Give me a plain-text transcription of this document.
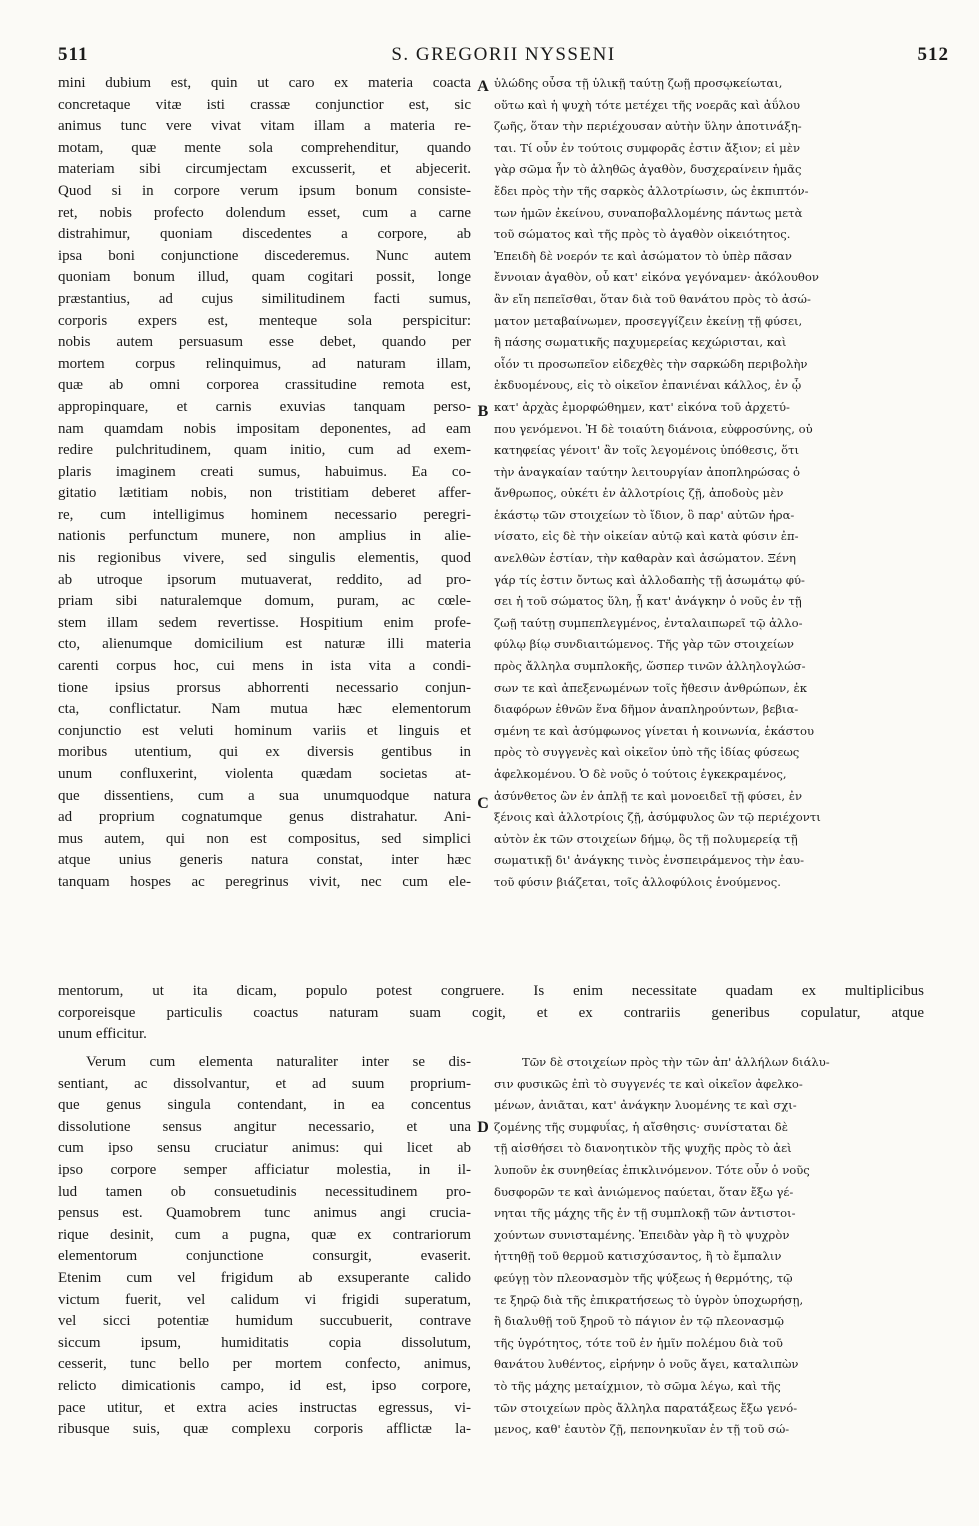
511	S. GREGORII NYSSENI	512
mini dubium est, quin ut caro ex materia coacta
concretaque vitæ isti crassæ conjunctior est, sic
animus tunc vere vivat vitam illam a materia re-
motam, quæ mente sola comprehenditur, quando
materiam sibi circumjectam excusserit, et abjecerit.
Quod si in corpore verum ipsum bonum consiste-
ret, nobis profecto dolendum esset, cum a carne
distrahimur, quoniam discedentes a corpore, ab
ipsa boni conjunctione discederemus. Nunc autem
quoniam bonum illud, quam cogitari possit, longe
præstantius, ad cujus similitudinem facti sumus,
corporis expers est, menteque sola perspicitur:
nobis autem persuasum esse debet, quando per
mortem corpus relinquimus, ad naturam illam,
quæ ab omni corporea crassitudine remota est,
appropinquare, et carnis exuvias tanquam perso-
nam quamdam nobis impositam deponentes, ad eam
redire pulchritudinem, quam initio, cum ad exem-
plaris imaginem creati sumus, habuimus. Ea co-
gitatio lætitiam nobis, non tristitiam deberet affer-
re, cum intelligimus hominem necessario peregri-
nationis perfunctum munere, non amplius in alie-
nis regionibus vivere, sed singulis elementis, quod
ab utroque ipsorum mutuaverat, reddito, ad pro-
priam sibi naturalemque domum, puram, ac cœle-
stem illam sedem revertisse. Hospitium enim profe-
cto, alienumque domicilium est naturæ illi materia
carenti corpus hoc, cui mens in ista vita a condi-
tione ipsius prorsus abhorrenti necessario conjun-
cta, conflictatur. Nam mutua hæc elementorum
conjunctio est veluti hominum variis et linguis et
moribus utentium, qui ex diversis gentibus in
unum confluxerint, violenta quædam societas at-
que dissentiens, cum a sua unumquodque natura
ad proprium cognatumque genus distrahatur. Ani-
mus autem, qui non est compositus, sed simplici
atque unius generis natura constat, inter hæc
tanquam hospes ac peregrinus vivit, nec cum ele-
ὑλώδης οὖσα τῇ ὑλικῇ ταύτῃ ζωῇ προσῳκείωται,
οὕτω καὶ ἡ ψυχὴ τότε μετέχει τῆς νοερᾶς καὶ ἀΰλου
ζωῆς, ὅταν τὴν περιέχουσαν αὐτὴν ὕλην ἀποτινάξη-
ται. Τί οὖν ἐν τούτοις συμφορᾶς ἐστιν ἄξιον; εἰ μὲν
γὰρ σῶμα ἦν τὸ ἀληθῶς ἀγαθὸν, δυσχεραίνειν ἡμᾶς
ἔδει πρὸς τὴν τῆς σαρκὸς ἀλλοτρίωσιν, ὡς ἐκπιπτόν-
των ἡμῶν ἐκείνου, συναποβαλλομένης πάντως μετὰ
τοῦ σώματος καὶ τῆς πρὸς τὸ ἀγαθὸν οἰκειότητος.
Ἐπειδὴ δὲ νοερόν τε καὶ ἀσώματον τὸ ὑπὲρ πᾶσαν
ἔννοιαν ἀγαθὸν, οὗ κατ' εἰκόνα γεγόναμεν· ἀκόλουθον
ἂν εἴη πεπεῖσθαι, ὅταν διὰ τοῦ θανάτου πρὸς τὸ ἀσώ-
ματον μεταβαίνωμεν, προσεγγίζειν ἐκείνῃ τῇ φύσει,
ἣ πάσης σωματικῆς παχυμερείας κεχώρισται, καὶ
οἷόν τι προσωπεῖον εἰδεχθὲς τὴν σαρκώδη περιβολὴν
ἐκδυομένους, εἰς τὸ οἰκεῖον ἐπανιέναι κάλλος, ἐν ᾧ
κατ' ἀρχὰς ἐμορφώθημεν, κατ' εἰκόνα τοῦ ἀρχετύ-
που γενόμενοι. Ἡ δὲ τοιαύτη διάνοια, εὐφροσύνης, οὐ
κατηφείας γένοιτ' ἂν τοῖς λεγομένοις ὑπόθεσις, ὅτι
τὴν ἀναγκαίαν ταύτην λειτουργίαν ἀποπληρώσας ὁ
ἄνθρωπος, οὐκέτι ἐν ἀλλοτρίοις ζῇ, ἀποδοὺς μὲν
ἑκάστῳ τῶν στοιχείων τὸ ἴδιον, ὃ παρ' αὐτῶν ἠρα-
νίσατο, εἰς δὲ τὴν οἰκείαν αὐτῷ καὶ κατὰ φύσιν ἐπ-
ανελθὼν ἑστίαν, τὴν καθαρὰν καὶ ἀσώματον. Ξένη
γάρ τίς ἐστιν ὄντως καὶ ἀλλοδαπὴς τῇ ἀσωμάτῳ φύ-
σει ἡ τοῦ σώματος ὕλη, ᾗ κατ' ἀνάγκην ὁ νοῦς ἐν τῇ
ζωῇ ταύτῃ συμπεπλεγμένος, ἐνταλαιπωρεῖ τῷ ἀλλο-
φύλῳ βίῳ συνδιαιτώμενος. Τῆς γὰρ τῶν στοιχείων
πρὸς ἄλληλα συμπλοκῆς, ὥσπερ τινῶν ἀλληλογλώσ-
σων τε καὶ ἀπεξενωμένων τοῖς ἤθεσιν ἀνθρώπων, ἐκ
διαφόρων ἐθνῶν ἕνα δῆμον ἀναπληρούντων, βεβια-
σμένη τε καὶ ἀσύμφωνος γίνεται ἡ κοινωνία, ἑκάστου
πρὸς τὸ συγγενὲς καὶ οἰκεῖον ὑπὸ τῆς ἰδίας φύσεως
ἀφελκομένου. Ὁ δὲ νοῦς ὁ τούτοις ἐγκεκραμένος,
ἀσύνθετος ὢν ἐν ἁπλῇ τε καὶ μονοειδεῖ τῇ φύσει, ἐν
ξένοις καὶ ἀλλοτρίοις ζῇ, ἀσύμφυλος ὢν τῷ περιέχοντι
αὐτὸν ἐκ τῶν στοιχείων δήμῳ, ὃς τῇ πολυμερείᾳ τῇ
σωματικῇ δι' ἀνάγκης τινὸς ἐνσπειράμενος τὴν ἑαυ-
τοῦ φύσιν βιάζεται, τοῖς ἀλλοφύλοις ἑνούμενος.
mentorum, ut ita dicam, populo potest congruere. Is enim necessitate quadam ex multiplicibus
corporeisque particulis coactus naturam suam cogit, et ex contrariis generibus copulatur, atque
unum efficitur.
Verum cum elementa naturaliter inter se dis-
sentiant, ac dissolvantur, et ad suum proprium-
que genus singula contendant, in ea concentus
dissolutione sensus angitur necessario, et una
cum ipso sensu cruciatur animus: qui licet ab
ipso corpore semper afficiatur molestia, in il-
lud tamen ob consuetudinis necessitudinem pro-
pensus est. Quamobrem tunc animus angi crucia-
rique desinit, cum a pugna, quæ ex contrariorum
elementorum conjunctione consurgit, evaserit.
Etenim cum vel frigidum ab exsuperante calido
victum fuerit, vel calidum vi frigidi superatum,
vel sicci potentiæ humidum succubuerit, contrave
siccum ipsum, humiditatis copia dissolutum,
cesserit, tunc bello per mortem confecto, animus,
relicto dimicationis campo, id est, ipso corpore,
pace utitur, et extra acies instructas egressus, vi-
ribusque suis, quæ complexu corporis afflictæ la-
Τῶν δὲ στοιχείων πρὸς τὴν τῶν ἀπ' ἀλλήλων διάλυ-
σιν φυσικῶς ἐπὶ τὸ συγγενές τε καὶ οἰκεῖον ἀφελκο-
μένων, ἀνιᾶται, κατ' ἀνάγκην λυομένης τε καὶ σχι-
ζομένης τῆς συμφυΐας, ἡ αἴσθησις· συνίσταται δὲ
τῇ αἰσθήσει τὸ διανοητικὸν τῆς ψυχῆς πρὸς τὸ ἀεὶ
λυποῦν ἐκ συνηθείας ἐπικλινόμενον. Τότε οὖν ὁ νοῦς
δυσφορῶν τε καὶ ἀνιώμενος παύεται, ὅταν ἔξω γέ-
νηται τῆς μάχης τῆς ἐν τῇ συμπλοκῇ τῶν ἀντιστοι-
χούντων συνισταμένης. Ἐπειδὰν γὰρ ἢ τὸ ψυχρὸν
ἡττηθῇ τοῦ θερμοῦ κατισχύσαντος, ἢ τὸ ἔμπαλιν
φεύγῃ τὸν πλεονασμὸν τῆς ψύξεως ἡ θερμότης, τῷ
τε ξηρῷ διὰ τῆς ἐπικρατήσεως τὸ ὑγρὸν ὑποχωρήσῃ,
ἢ διαλυθῇ τοῦ ξηροῦ τὸ πάγιον ἐν τῷ πλεονασμῷ
τῆς ὑγρότητος, τότε τοῦ ἐν ἡμῖν πολέμου διὰ τοῦ
θανάτου λυθέντος, εἰρήνην ὁ νοῦς ἄγει, καταλιπὼν
τὸ τῆς μάχης μεταίχμιον, τὸ σῶμα λέγω, καὶ τῆς
τῶν στοιχείων πρὸς ἄλληλα παρατάξεως ἔξω γενό-
μενος, καθ' ἑαυτὸν ζῇ, πεπονηκυῖαν ἐν τῇ τοῦ σώ-
A
B
C
D
